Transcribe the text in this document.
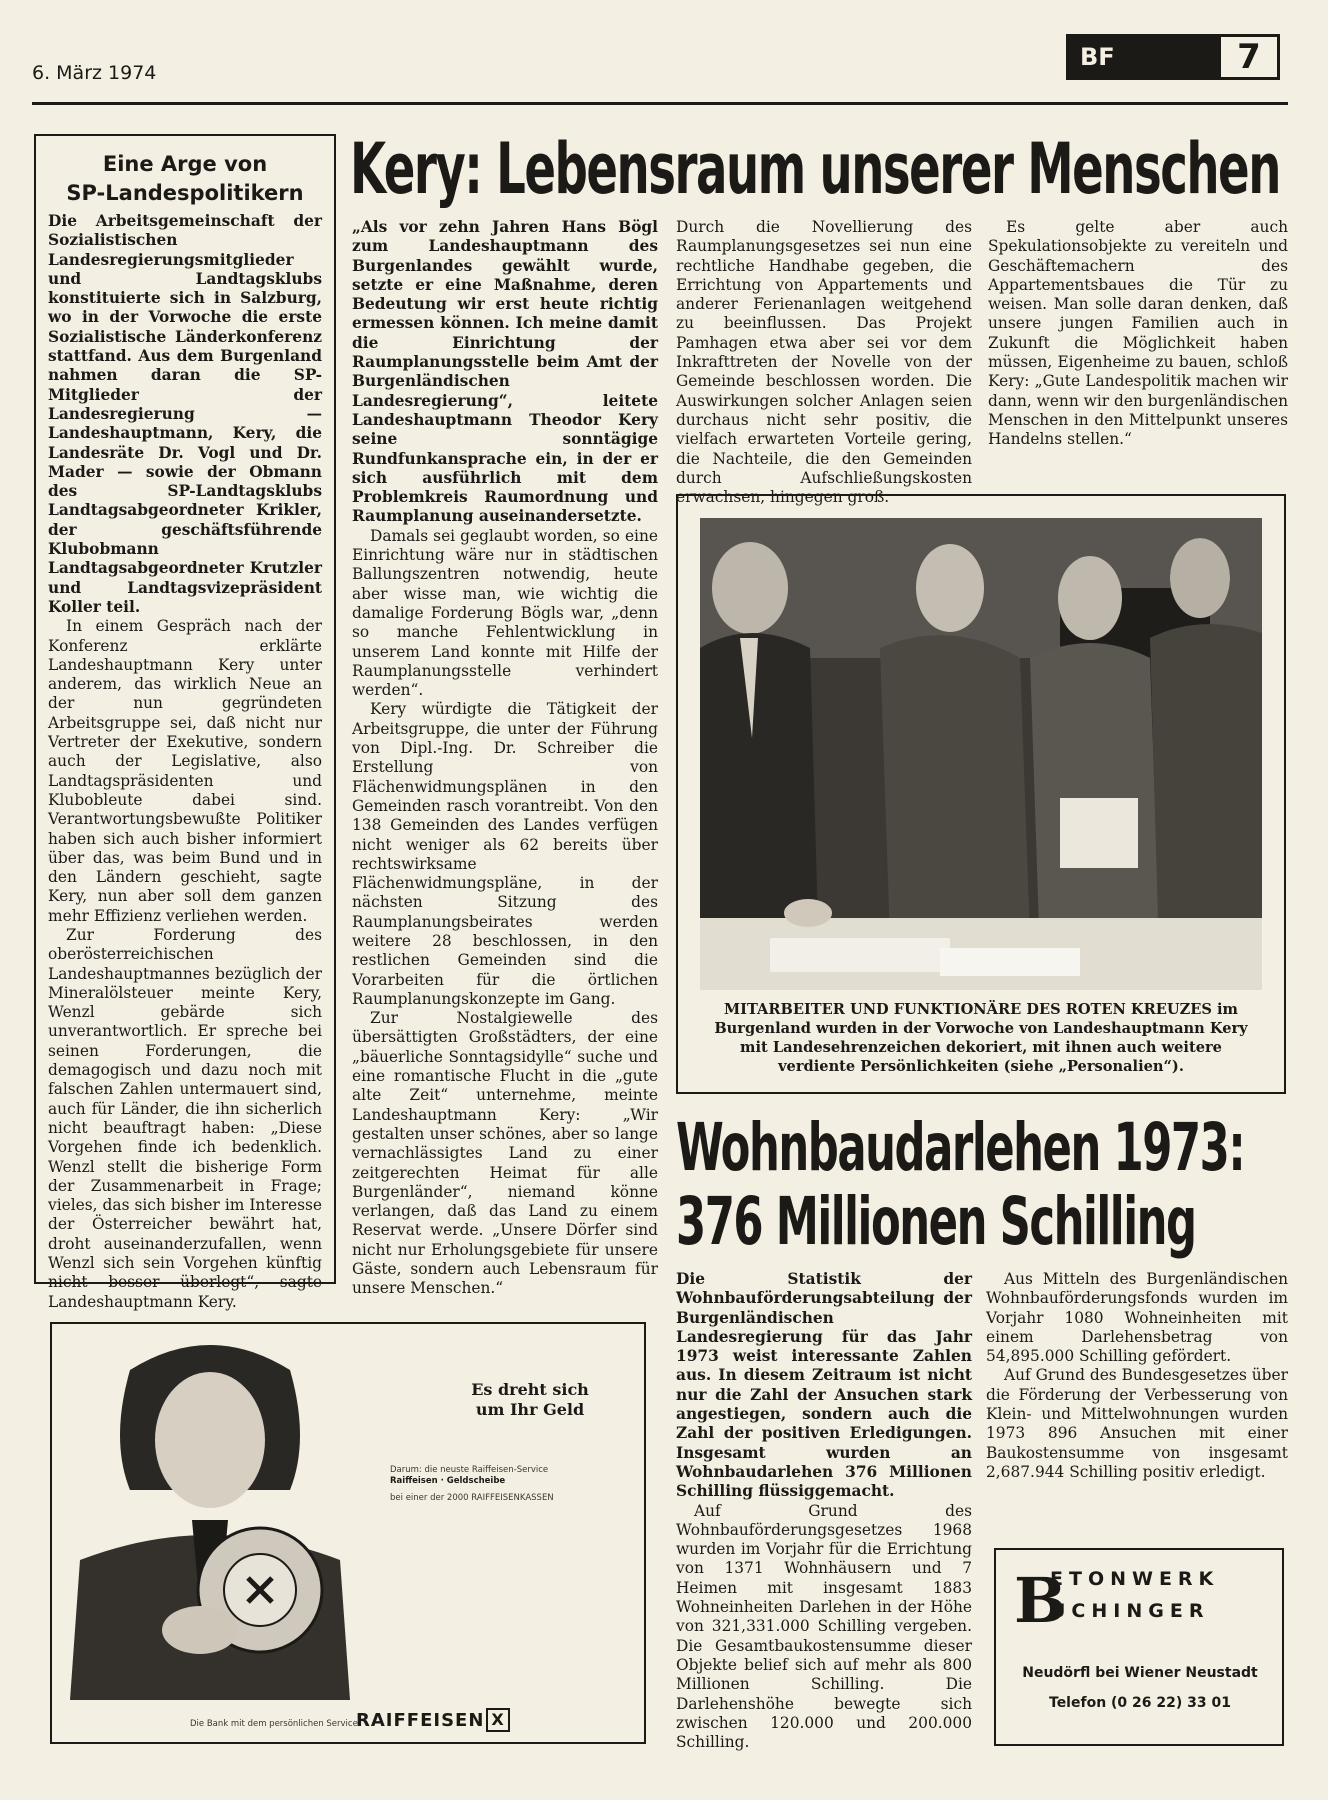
6. März 1974
BF	7
Eine Arge von
SP-Landespolitikern

Die Arbeitsgemeinschaft der Sozialistischen Landesregierungsmitglieder und Landtagsklubs konstituierte sich in Salzburg, wo in der Vorwoche die erste Sozialistische Länderkonferenz stattfand. Aus dem Burgenland nahmen daran die SP-Mitglieder der Landesregierung — Landeshauptmann, Kery, die Landesräte Dr. Vogl und Dr. Mader — sowie der Obmann des SP-Landtagsklubs Landtagsabgeordneter Krikler, der geschäftsführende Klubobmann Landtagsabgeordneter Krutzler und Landtagsvizepräsident Koller teil.

In einem Gespräch nach der Konferenz erklärte Landeshauptmann Kery unter anderem, das wirklich Neue an der nun gegründeten Arbeitsgruppe sei, daß nicht nur Vertreter der Exekutive, sondern auch der Legislative, also Landtagspräsidenten und Klubobleute dabei sind. Verantwortungsbewußte Politiker haben sich auch bisher informiert über das, was beim Bund und in den Ländern geschieht, sagte Kery, nun aber soll dem ganzen mehr Effizienz verliehen werden.

Zur Forderung des oberösterreichischen Landeshauptmannes bezüglich der Mineralölsteuer meinte Kery, Wenzl gebärde sich unverantwortlich. Er spreche bei seinen Forderungen, die demagogisch und dazu noch mit falschen Zahlen untermauert sind, auch für Länder, die ihn sicherlich nicht beauftragt haben: „Diese Vorgehen finde ich bedenklich. Wenzl stellt die bisherige Form der Zusammenarbeit in Frage; vieles, das sich bisher im Interesse der Österreicher bewährt hat, droht auseinanderzufallen, wenn Wenzl sich sein Vorgehen künftig nicht besser überlegt“, sagte Landeshauptmann Kery.

Kery: Lebensraum unserer Menschen

„Als vor zehn Jahren Hans Bögl zum Landeshauptmann des Burgenlandes gewählt wurde, setzte er eine Maßnahme, deren Bedeutung wir erst heute richtig ermessen können. Ich meine damit die Einrichtung der Raumplanungsstelle beim Amt der Burgenländischen Landesregierung“, leitete Landeshauptmann Theodor Kery seine sonntägige Rundfunkansprache ein, in der er sich ausführlich mit dem Problemkreis Raumordnung und Raumplanung auseinandersetzte.

Damals sei geglaubt worden, so eine Einrichtung wäre nur in städtischen Ballungszentren notwendig, heute aber wisse man, wie wichtig die damalige Forderung Bögls war, „denn so manche Fehlentwicklung in unserem Land konnte mit Hilfe der Raumplanungsstelle verhindert werden“.

Kery würdigte die Tätigkeit der Arbeitsgruppe, die unter der Führung von Dipl.-Ing. Dr. Schreiber die Erstellung von Flächenwidmungsplänen in den Gemeinden rasch vorantreibt. Von den 138 Gemeinden des Landes verfügen nicht weniger als 62 bereits über rechtswirksame Flächenwidmungspläne, in der nächsten Sitzung des Raumplanungsbeirates werden weitere 28 beschlossen, in den restlichen Gemeinden sind die Vorarbeiten für die örtlichen Raumplanungskonzepte im Gang.

Zur Nostalgiewelle des übersättigten Großstädters, der eine „bäuerliche Sonntagsidylle“ suche und eine romantische Flucht in die „gute alte Zeit“ unternehme, meinte Landeshauptmann Kery: „Wir gestalten unser schönes, aber so lange vernachlässigtes Land zu einer zeitgerechten Heimat für alle Burgenländer“, niemand könne verlangen, daß das Land zu einem Reservat werde. „Unsere Dörfer sind nicht nur Erholungsgebiete für unsere Gäste, sondern auch Lebensraum für unsere Menschen.“

Durch die Novellierung des Raumplanungsgesetzes sei nun eine rechtliche Handhabe gegeben, die Errichtung von Appartements und anderer Ferienanlagen weitgehend zu beeinflussen. Das Projekt Pamhagen etwa aber sei vor dem Inkrafttreten der Novelle von der Gemeinde beschlossen worden. Die Auswirkungen solcher Anlagen seien durchaus nicht sehr positiv, die vielfach erwarteten Vorteile gering, die Nachteile, die den Gemeinden durch Aufschließungskosten erwachsen, hingegen groß.

Es gelte aber auch Spekulationsobjekte zu vereiteln und Geschäftemachern des Appartementsbaues die Tür zu weisen. Man solle daran denken, daß unsere jungen Familien auch in Zukunft die Möglichkeit haben müssen, Eigenheime zu bauen, schloß Kery: „Gute Landespolitik machen wir dann, wenn wir den burgenländischen Menschen in den Mittelpunkt unseres Handelns stellen.“

MITARBEITER UND FUNKTIONÄRE DES ROTEN KREUZES im Burgenland wurden in der Vorwoche von Landeshauptmann Kery mit Landesehrenzeichen dekoriert, mit ihnen auch weitere verdiente Persönlichkeiten (siehe „Personalien“).
Wohnbaudarlehen 1973:
376 Millionen Schilling

Die Statistik der Wohnbauförderungsabteilung der Burgenländischen Landesregierung für das Jahr 1973 weist interessante Zahlen aus. In diesem Zeitraum ist nicht nur die Zahl der Ansuchen stark angestiegen, sondern auch die Zahl der positiven Erledigungen. Insgesamt wurden an Wohnbaudarlehen 376 Millionen Schilling flüssiggemacht.

Auf Grund des Wohnbauförderungsgesetzes 1968 wurden im Vorjahr für die Errichtung von 1371 Wohnhäusern und 7 Heimen mit insgesamt 1883 Wohneinheiten Darlehen in der Höhe von 321,331.000 Schilling vergeben. Die Gesamtbaukostensumme dieser Objekte belief sich auf mehr als 800 Millionen Schilling. Die Darlehenshöhe bewegte sich zwischen 120.000 und 200.000 Schilling.

Aus Mitteln des Burgenländischen Wohnbauförderungsfonds wurden im Vorjahr 1080 Wohneinheiten mit einem Darlehensbetrag von 54,895.000 Schilling gefördert.

Auf Grund des Bundesgesetzes über die Förderung der Verbesserung von Klein- und Mittelwohnungen wurden 1973 896 Ansuchen mit einer Baukostensumme von insgesamt 2,687.944 Schilling positiv erledigt.

B
ETONWERK
UCHINGER
Neudörfl bei Wiener Neustadt
Telefon (0 26 22) 33 01
Es dreht sich
um Ihr Geld
Darum: die neuste Raiffeisen-Service
Raiffeisen · Geldscheibe
bei einer der 2000 RAIFFEISENKASSEN
Die Bank mit dem persönlichen Service
RAIFFEISEN X
